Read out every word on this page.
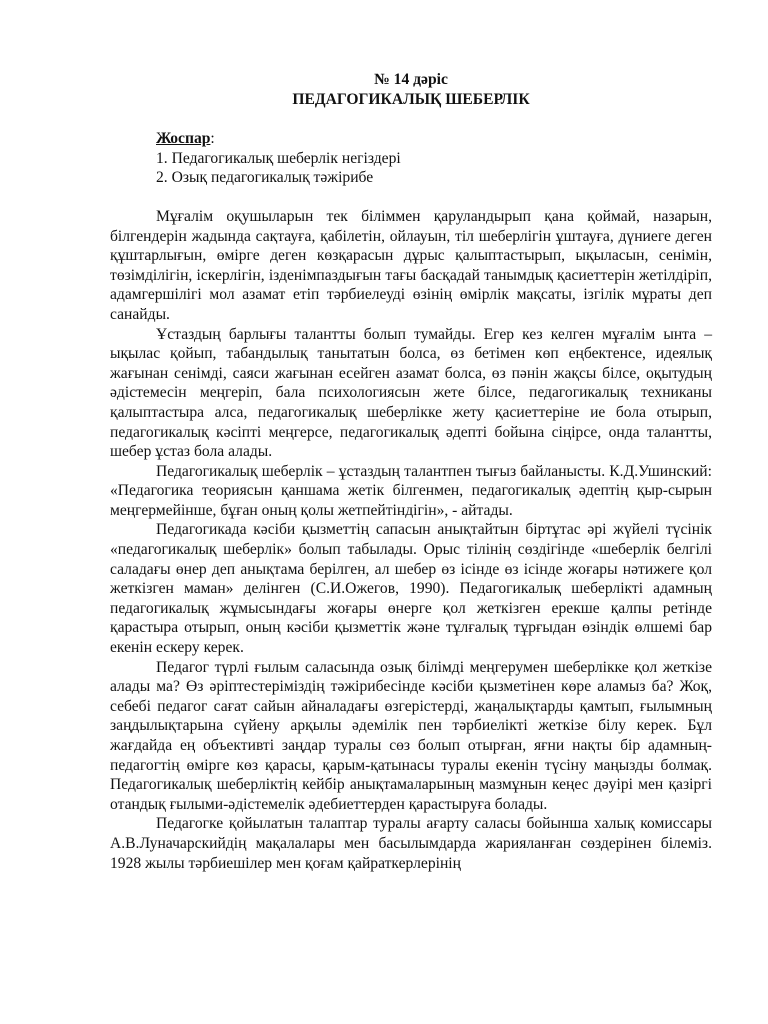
№ 14 дәріс
ПЕДАГОГИКАЛЫҚ ШЕБЕРЛІК
Жоспар:
1. Педагогикалық шеберлік негіздері
2. Озық педагогикалық тәжірибе

Мұғалім оқушыларын тек біліммен қаруландырып қана қоймай, назарын, білгендерін жадында сақтауға, қабілетін, ойлауын, тіл шеберлігін ұштауға, дүниеге деген құштарлығын, өмірге деген көзқарасын дұрыс қалыптастырып, ықыласын, сенімін, төзімділігін, іскерлігін, ізденімпаздығын тағы басқадай танымдық қасиеттерін жетілдіріп, адамгершілігі мол азамат етіп тәрбиелеуді өзінің өмірлік мақсаты, ізгілік мұраты деп санайды.

Ұстаздың барлығы талантты болып тумайды. Егер кез келген мұғалім ынта – ықылас қойып, табандылық танытатын болса, өз бетімен көп еңбектенсе, идеялық жағынан сенімді, саяси жағынан есейген азамат болса, өз пәнін жақсы білсе, оқытудың әдістемесін меңгеріп, бала психологиясын жете білсе, педагогикалық техниканы қалыптастыра алса, педагогикалық шеберлікке жету қасиеттеріне ие бола отырып, педагогикалық кәсіпті меңгерсе, педагогикалық әдепті бойына сіңірсе, онда талантты, шебер ұстаз бола алады.

Педагогикалық шеберлік – ұстаздың талантпен тығыз байланысты. К.Д.Ушинский: «Педагогика теориясын қаншама жетік білгенмен, педагогикалық әдептің қыр-сырын меңгермейінше, бұған оның қолы жетпейтіндігін», - айтады.

Педагогикада кәсіби қызметтің сапасын анықтайтын біртұтас әрі жүйелі түсінік «педагогикалық шеберлік» болып табылады. Орыс тілінің сөздігінде «шеберлік белгілі саладағы өнер деп анықтама берілген, ал шебер өз ісінде өз ісінде жоғары нәтижеге қол жеткізген маман» делінген (С.И.Ожегов, 1990). Педагогикалық шеберлікті адамның педагогикалық жұмысындағы жоғары өнерге қол жеткізген ерекше қалпы ретінде қарастыра отырып, оның кәсіби қызметтік және тұлғалық тұрғыдан өзіндік өлшемі бар екенін ескеру керек.

Педагог түрлі ғылым саласында озық білімді меңгерумен шеберлікке қол жеткізе алады ма? Өз әріптестеріміздің тәжірибесінде кәсіби қызметінен көре аламыз ба? Жоқ, себебі педагог сағат сайын айналадағы өзгерістерді, жаңалықтарды қамтып, ғылымның заңдылықтарына сүйену арқылы әдемілік пен тәрбиелікті жеткізе білу керек. Бұл жағдайда ең объективті заңдар туралы сөз болып отырған, яғни нақты бір адамның-педагогтің өмірге көз қарасы, қарым-қатынасы туралы екенін түсіну маңызды болмақ. Педагогикалық шеберліктің кейбір анықтамаларының мазмұнын кеңес дәуірі мен қазіргі отандық ғылыми-әдістемелік әдебиеттерден қарастыруға болады.

Педагогке қойылатын талаптар туралы ағарту саласы бойынша халық комиссары А.В.Луначарскийдің мақалалары мен басылымдарда жарияланған сөздерінен білеміз. 1928 жылы тәрбиешілер мен қоғам қайраткерлерінің
